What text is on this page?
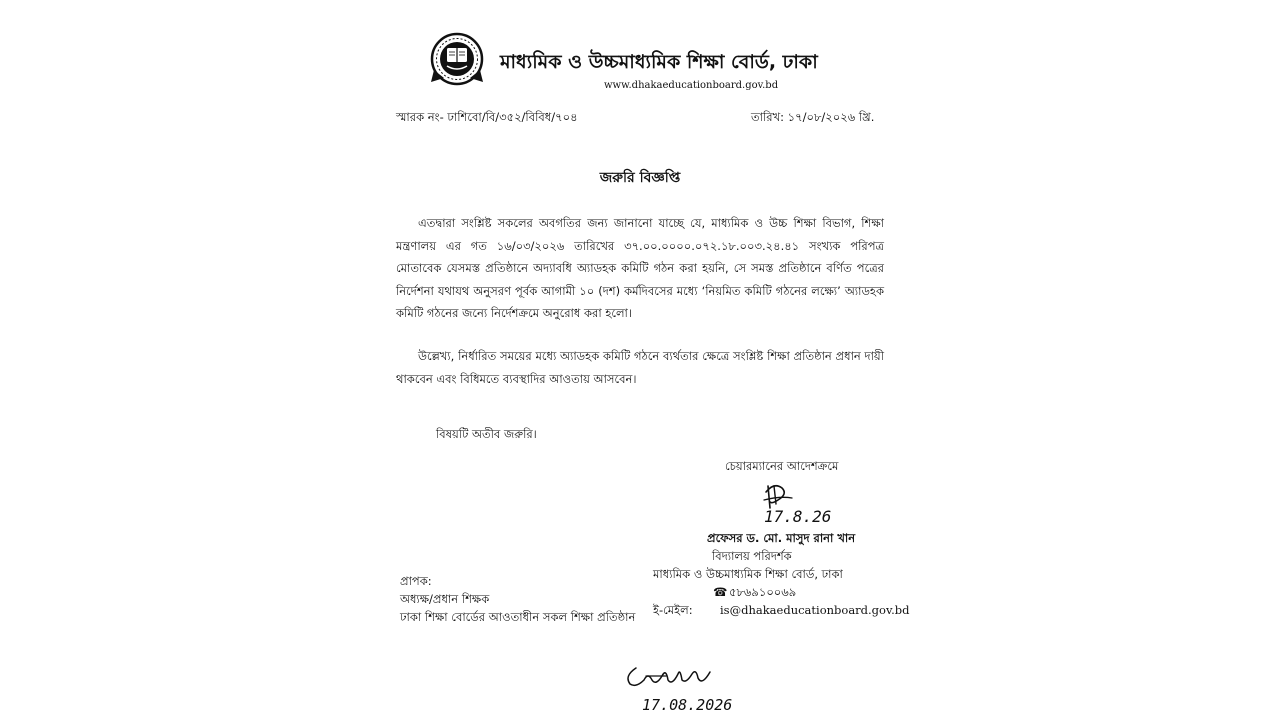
মাধ্যমিক ও উচ্চমাধ্যমিক শিক্ষা বোর্ড, ঢাকা
www.dhakaeducationboard.gov.bd
স্মারক নং- ঢাশিবো/বি/৩৫২/বিবিধ/৭০৪	তারিখ: ১৭/০৮/২০২৬ খ্রি.
জরুরি বিজ্ঞপ্তি
এতদ্বারা সংশ্লিষ্ট সকলের অবগতির জন্য জানানো যাচ্ছে যে, মাধ্যমিক ও উচ্চ শিক্ষা বিভাগ, শিক্ষা মন্ত্রণালয় এর গত ১৬/০৩/২০২৬ তারিখের ৩৭.০০.০০০০.০৭২.১৮.০০৩.২৪.৪১ সংখ্যক পরিপত্র মোতাবেক যেসমস্ত প্রতিষ্ঠানে অদ্যাবধি অ্যাডহক কমিটি গঠন করা হয়নি, সে সমস্ত প্রতিষ্ঠানে বর্ণিত পত্রের নির্দেশনা যথাযথ অনুসরণ পূর্বক আগামী ১০ (দশ) কর্মদিবসের মধ্যে ‘নিয়মিত কমিটি গঠনের লক্ষ্যে’ অ্যাডহক কমিটি গঠনের জন্যে নির্দেশক্রমে অনুরোধ করা হলো।
উল্লেখ্য, নির্ধারিত সময়ের মধ্যে অ্যাডহক কমিটি গঠনে ব্যর্থতার ক্ষেত্রে সংশ্লিষ্ট শিক্ষা প্রতিষ্ঠান প্রধান দায়ী থাকবেন এবং বিধিমতে ব্যবস্থাদির আওতায় আসবেন।
বিষয়টি অতীব জরুরি।
চেয়ারম্যানের আদেশক্রমে
17.8.26
প্রফেসর ড. মো. মাসুদ রানা খান
বিদ্যালয় পরিদর্শক
মাধ্যমিক ও উচ্চমাধ্যমিক শিক্ষা বোর্ড, ঢাকা
☎ ৫৮৬৯১০০৬৯
ই-মেইল: is@dhakaeducationboard.gov.bd
প্রাপক:
অধ্যক্ষ/প্রধান শিক্ষক
ঢাকা শিক্ষা বোর্ডের আওতাধীন সকল শিক্ষা প্রতিষ্ঠান
17.08.2026
